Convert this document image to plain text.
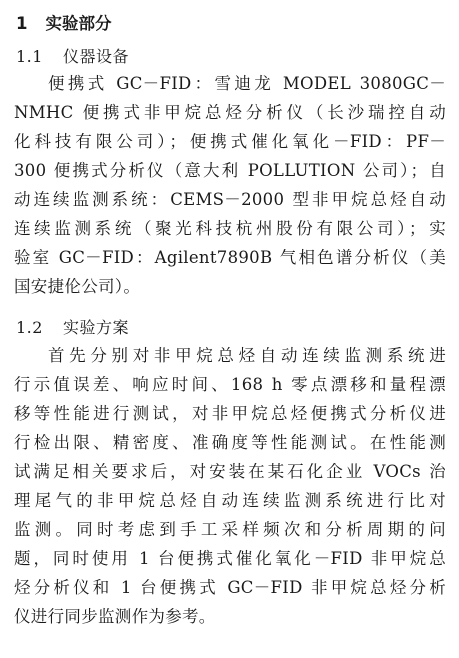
1 实验部分
1.1 仪器设备
便携式 GC－FID：雪迪龙 MODEL 3080GC－
NMHC 便携式非甲烷总烃分析仪（长沙瑞控自动
化科技有限公司）；便携式催化氧化－FID：PF－
300 便携式分析仪（意大利 POLLUTION 公司）；自
动连续监测系统：CEMS－2000 型非甲烷总烃自动
连续监测系统（聚光科技杭州股份有限公司）；实
验室 GC－FID：Agilent7890B 气相色谱分析仪（美
国安捷伦公司）。
1.2 实验方案
首先分别对非甲烷总烃自动连续监测系统进
行示值误差、响应时间、168 h 零点漂移和量程漂
移等性能进行测试，对非甲烷总烃便携式分析仪进
行检出限、精密度、准确度等性能测试。在性能测
试满足相关要求后，对安装在某石化企业 VOCs 治
理尾气的非甲烷总烃自动连续监测系统进行比对
监测。同时考虑到手工采样频次和分析周期的问
题，同时使用 1 台便携式催化氧化－FID 非甲烷总
烃分析仪和 1 台便携式 GC－FID 非甲烷总烃分析
仪进行同步监测作为参考。
